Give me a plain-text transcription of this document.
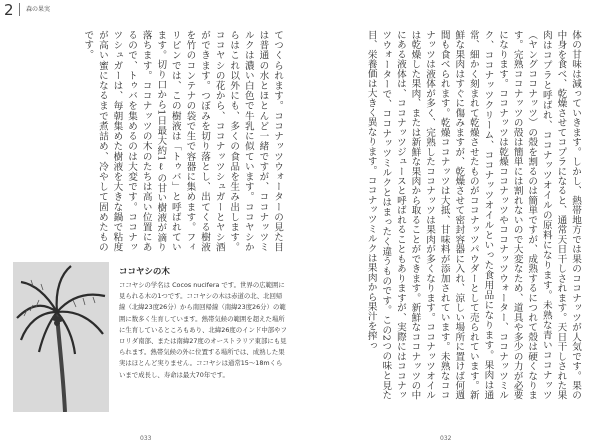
2 森の果実
てつくられます。ココナッツウォーターの見た目は普通の水とほとんど一緒ですが、ココナッツミルクは濃い白色で牛乳に似ています。ココヤシからはこれ以外にも、多くの食品を生み出します。ココヤシの花から、ココナッツシュガーとヤシ酒ができます。つぼみを切り落とし、出てくる樹液を竹のコンテナの袋で生で容器に集めます。フィリピンでは、この樹液は「トゥバ」と呼ばれています。切り口から1日最大約1ℓの甘い樹液が滴り落ちます。ココナッツの木のたちは高い位置にあるので、トゥバを集めるのは大変です。ココナッツシュガーは、毎朝集めた樹液を大きな鍋で粘度が高い蜜になるまで煮詰め、冷やして固めたものです。
ココヤシの木
ココヤシの学名は Cocos nucifera です。世界の広範囲に見られる木の1つです。ココヤシの木は赤道の北、北回帰線（北緯23度26分）から南回帰線（南緯23度26分）の範囲に数多く生育しています。熱帯気候の範囲を超えた場所に生育しているところもあり、北緯26度のインド中部やフロリダ南部、または南緯27度のオーストラリア東部にも見られます。熱帯気候の外に位置する場所では、成熟した果実はほとんど実りません。ココヤシは通常15～18mくらいまで成長し、寿命は最大70年です。
033
体の甘味は減っていきます。しかし、熱帯地方では果のココナッツが人気です。果の中身を食べ、乾燥させてコプラになると、通常天日干しされます。天日干しされた果肉はコプラと呼ばれ、ココナッツオイルの原料になります。未熟な青いココナッツ（ヤングココナッツ）の殻を割るのは簡単ですが、成熟するにつれて殻は硬くなります。完熟ココナッツの殻は簡単には割れないので大変なため、道具や多少の力が必要になります。ココナッツは乾燥ココナッツやココナッツウォーター、ココナッツミルク、ココナッツクリーム、ココナッツオイルといった食用品になります。果肉は通常、細かく刻まれて乾燥させたものがココナッツパウダーとして売られています。新鮮な果肉はすぐに傷みますが、乾燥させて密封容器に入れ、涼しい場所に置けば何週間も食べられます。乾燥ココナッツは大抵、甘味料が添加されています。未熟なココナッツは液体が多く、完熟したココナッツは果肉が多くなります。ココナッツオイルは乾燥した果肉、または新鮮な果肉から取ることができます。新鮮なココナッツの中にある液体は、ココナッツジュースと呼ばれることもありますが、実際にはココナッツウォーターで、ココナッツミルクとはまったく違うものです。この2つの味と見た目、栄養価は大きく異なります。ココナッツミルクは果肉から果汁を搾っ
032
